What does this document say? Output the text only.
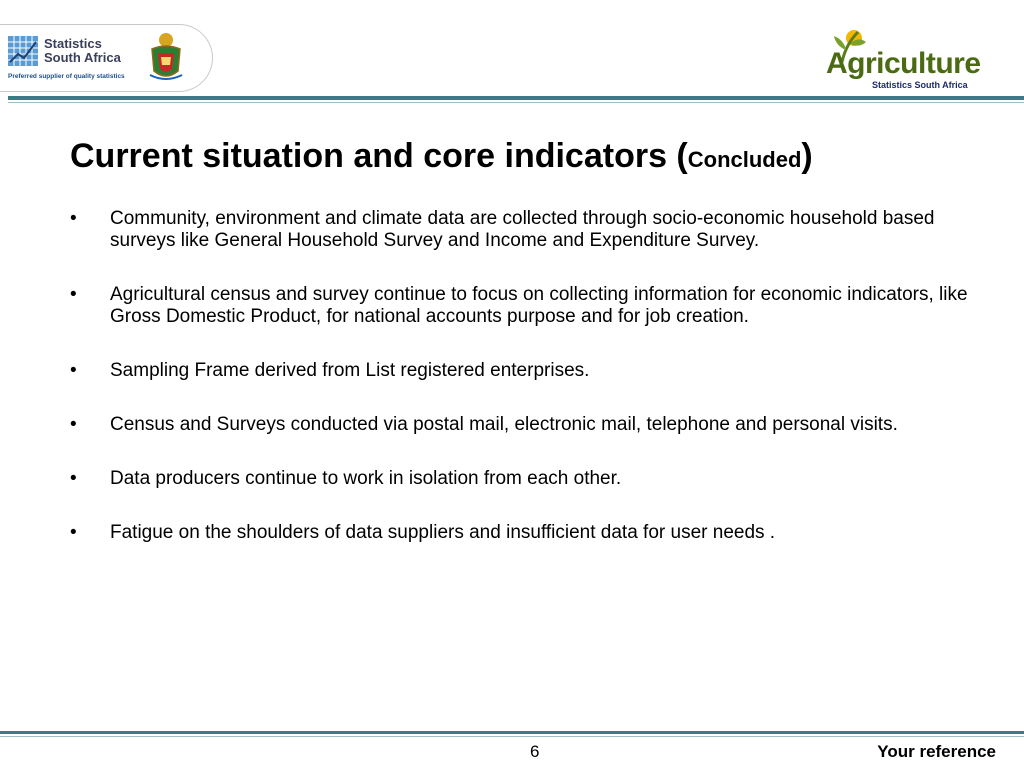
Statistics
South Africa
Preferred supplier of quality statistics	Agriculture
Statistics South Africa
Current situation and core indicators (Concluded)
•	Community, environment and climate data are collected through socio-economic household based surveys like General Household Survey and Income and Expenditure Survey.
•	Agricultural census and survey continue to focus on collecting information for economic indicators, like Gross Domestic Product, for national accounts purpose and for job creation.
•	Sampling Frame derived from List registered enterprises.
•	Census and Surveys conducted via postal mail, electronic mail, telephone and personal visits.
•	Data producers continue to work in isolation from each other.
•	Fatigue on the shoulders of data suppliers and insufficient data for user needs .
6	Your reference
